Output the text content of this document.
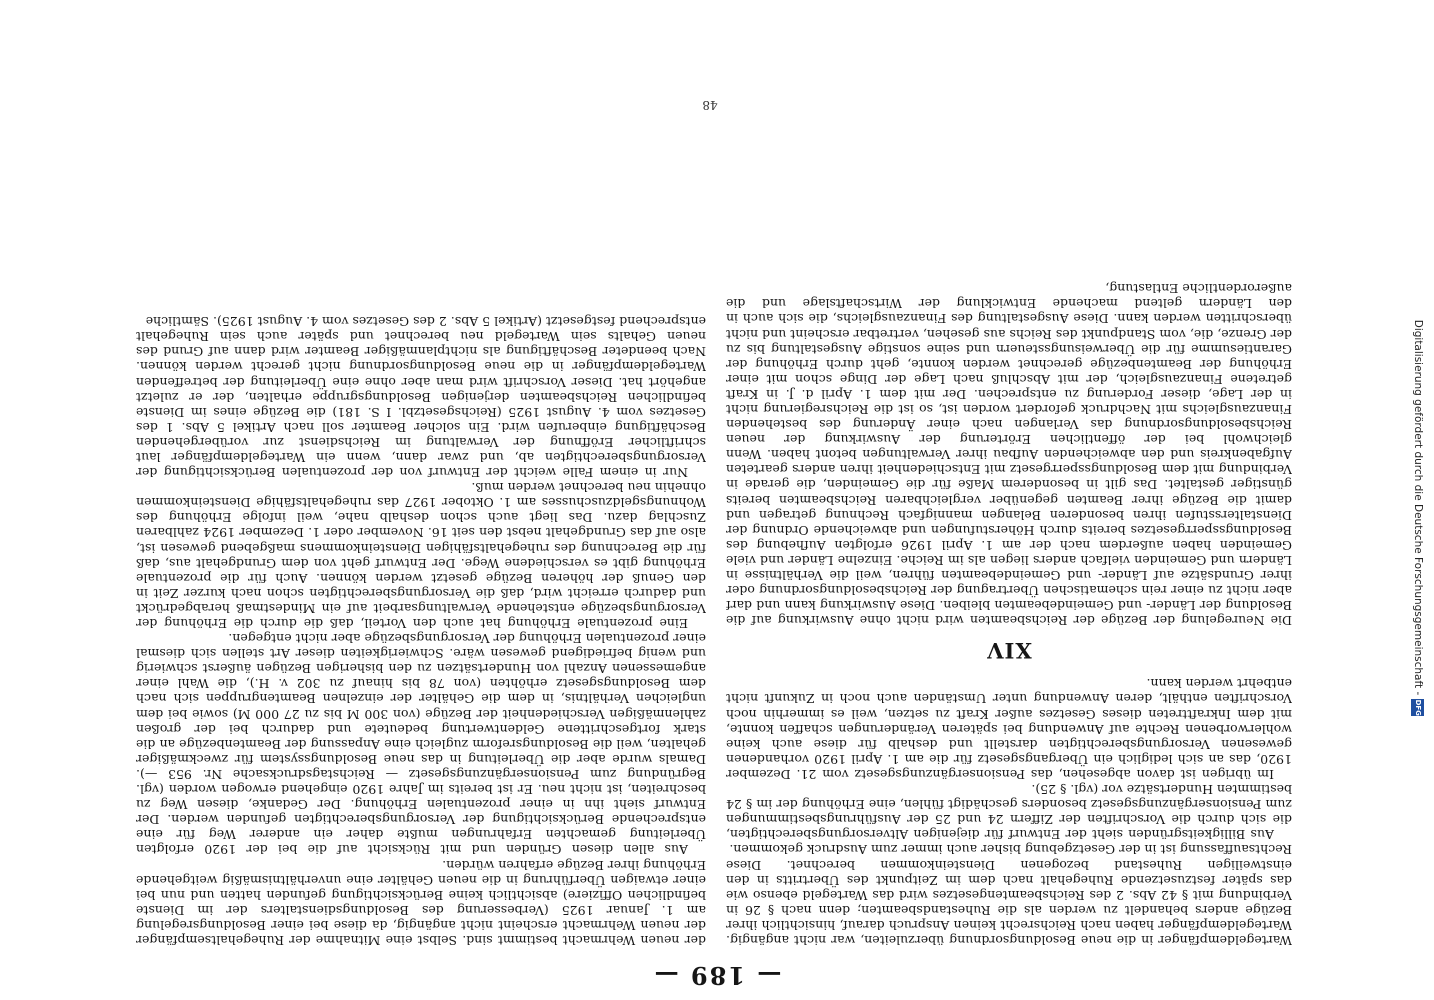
— 189 —

Wartegeldempfänger in die neue Besoldungsordnung überzuleiten, war nicht angängig. Wartegeldempfänger haben nach Reichsrecht keinen Anspruch darauf, hinsichtlich ihrer Bezüge anders behandelt zu werden als die Ruhestandsbeamten; denn nach § 26 in Verbindung mit § 42 Abs. 2 des Reichsbeamtengesetzes wird das Wartegeld ebenso wie das später festzusetzende Ruhegehalt nach dem im Zeitpunkt des Übertritts in den einstweiligen Ruhestand bezogenen Diensteinkommen berechnet. Diese Rechtsauffassung ist in der Gesetzgebung bisher auch immer zum Ausdruck gekommen.

Aus Billigkeitsgründen sieht der Entwurf für diejenigen Altversorgungsberechtigten, die sich durch die Vorschriften der Ziffern 24 und 25 der Ausführungsbestimmungen zum Pensionsergänzungsgesetz besonders geschädigt fühlen, eine Erhöhung der im § 24 bestimmten Hundertsätze vor (vgl. § 25).

Im übrigen ist davon abgesehen, das Pensionsergänzungsgesetz vom 21. Dezember 1920, das an sich lediglich ein Übergangsgesetz für die am 1. April 1920 vorhandenen gewesenen Versorgungsberechtigten darstellt und deshalb für diese auch keine wohlerworbenen Rechte auf Anwendung bei späteren Veränderungen schaffen konnte, mit dem Inkrafttreten dieses Gesetzes außer Kraft zu setzen, weil es immerhin noch Vorschriften enthält, deren Anwendung unter Umständen auch noch in Zukunft nicht entbehrt werden kann.

XIV

Die Neuregelung der Bezüge der Reichsbeamten wird nicht ohne Auswirkung auf die Besoldung der Länder- und Gemeindebeamten bleiben. Diese Auswirkung kann und darf aber nicht zu einer rein schematischen Übertragung der Reichsbesoldungsordnung oder ihrer Grundsätze auf Länder- und Gemeindebeamten führen, weil die Verhältnisse in Ländern und Gemeinden vielfach anders liegen als im Reiche. Einzelne Länder und viele Gemeinden haben außerdem nach der am 1. April 1926 erfolgten Aufhebung des Besoldungssperrgesetzes bereits durch Höherstufungen und abweichende Ordnung der Dienstaltersstufen ihren besonderen Belangen mannigfach Rechnung getragen und damit die Bezüge ihrer Beamten gegenüber vergleichbaren Reichsbeamten bereits günstiger gestaltet. Das gilt in besonderem Maße für die Gemeinden, die gerade in Verbindung mit dem Besoldungssperrgesetz mit Entschiedenheit ihren anders gearteten Aufgabenkreis und den abweichenden Aufbau ihrer Verwaltungen betont haben. Wenn gleichwohl bei der öffentlichen Erörterung der Auswirkung der neuen Reichsbesoldungsordnung das Verlangen nach einer Änderung des bestehenden Finanzausgleichs mit Nachdruck gefordert worden ist, so ist die Reichsregierung nicht in der Lage, dieser Forderung zu entsprechen. Der mit dem 1. April d. J. in Kraft getretene Finanzausgleich, der mit Abschluß nach Lage der Dinge schon mit einer Erhöhung der Beamtenbezüge gerechnet werden konnte, geht durch Erhöhung der Garantiesumme für die Überweisungssteuern und seine sonstige Ausgestaltung bis zu der Grenze, die, vom Standpunkt des Reichs aus gesehen, vertretbar erscheint und nicht überschritten werden kann. Diese Ausgestaltung des Finanzausgleichs, die sich auch in den Ländern geltend machende Entwicklung der Wirtschaftslage und die außerordentliche Entlastung,

der neuen Wehrmacht bestimmt sind. Selbst eine Mitnahme der Ruhegehaltsempfänger der neuen Wehrmacht erscheint nicht angängig, da diese bei einer Besoldungsregelung am 1. Januar 1925 (Verbesserung des Besoldungsdienstalters der im Dienste befindlichen Offiziere) absichtlich keine Berücksichtigung gefunden hatten und nun bei einer etwaigen Überführung in die neuen Gehälter eine unverhältnismäßig weitgehende Erhöhung ihrer Bezüge erfahren würden.

Aus allen diesen Gründen und mit Rücksicht auf die bei der 1920 erfolgten Überleitung gemachten Erfahrungen mußte daher ein anderer Weg für eine entsprechende Berücksichtigung der Versorgungsberechtigten gefunden werden. Der Entwurf sieht ihn in einer prozentualen Erhöhung. Der Gedanke, diesen Weg zu beschreiten, ist nicht neu. Er ist bereits im Jahre 1920 eingehend erwogen worden (vgl. Begründung zum Pensionsergänzungsgesetz — Reichstagsdrucksache Nr. 953 —). Damals wurde aber die Überleitung in das neue Besoldungssystem für zweckmäßiger gehalten, weil die Besoldungsreform zugleich eine Anpassung der Beamtenbezüge an die stark fortgeschrittene Geldentwertung bedeutete und dadurch bei der großen zahlenmäßigen Verschiedenheit der Bezüge (von 300 M bis zu 27 000 M) sowie bei dem ungleichen Verhältnis, in dem die Gehälter der einzelnen Beamtengruppen sich nach dem Besoldungsgesetz erhöhten (von 78 bis hinauf zu 302 v. H.), die Wahl einer angemessenen Anzahl von Hundertsätzen zu den bisherigen Bezügen äußerst schwierig und wenig befriedigend gewesen wäre. Schwierigkeiten dieser Art stellen sich diesmal einer prozentualen Erhöhung der Versorgungsbezüge aber nicht entgegen.

Eine prozentuale Erhöhung hat auch den Vorteil, daß die durch die Erhöhung der Versorgungsbezüge entstehende Verwaltungsarbeit auf ein Mindestmaß herabgedrückt und dadurch erreicht wird, daß die Versorgungsberechtigten schon nach kurzer Zeit in den Genuß der höheren Bezüge gesetzt werden können. Auch für die prozentuale Erhöhung gibt es verschiedene Wege. Der Entwurf geht von dem Grundgehalt aus, daß für die Berechnung des ruhegehaltsfähigen Diensteinkommens maßgebend gewesen ist, also auf das Grundgehalt nebst den seit 16. November oder 1. Dezember 1924 zahlbaren Zuschlag dazu. Das liegt auch schon deshalb nahe, weil infolge Erhöhung des Wohnungsgeldzuschusses am 1. Oktober 1927 das ruhegehaltsfähige Diensteinkommen ohnehin neu berechnet werden muß.

Nur in einem Falle weicht der Entwurf von der prozentualen Berücksichtigung der Versorgungsberechtigten ab, und zwar dann, wenn ein Wartegeldempfänger laut schriftlicher Eröffnung der Verwaltung im Reichsdienst zur vorübergehenden Beschäftigung einberufen wird. Ein solcher Beamter soll nach Artikel 5 Abs. 1 des Gesetzes vom 4. August 1925 (Reichsgesetzbl. I S. 181) die Bezüge eines im Dienste befindlichen Reichsbeamten derjenigen Besoldungsgruppe erhalten, der er zuletzt angehört hat. Dieser Vorschrift wird man aber ohne eine Überleitung der betreffenden Wartegeldempfänger in die neue Besoldungsordnung nicht gerecht werden können. Nach beendeter Beschäftigung als nichtplanmäßiger Beamter wird dann auf Grund des neuen Gehalts sein Wartegeld neu berechnet und später auch sein Ruhegehalt entsprechend festgesetzt (Artikel 5 Abs. 2 des Gesetzes vom 4. August 1925). Sämtliche

48
Digitalisierung gefördert durch die Deutsche Forschungsgemeinschaft -
DFG
